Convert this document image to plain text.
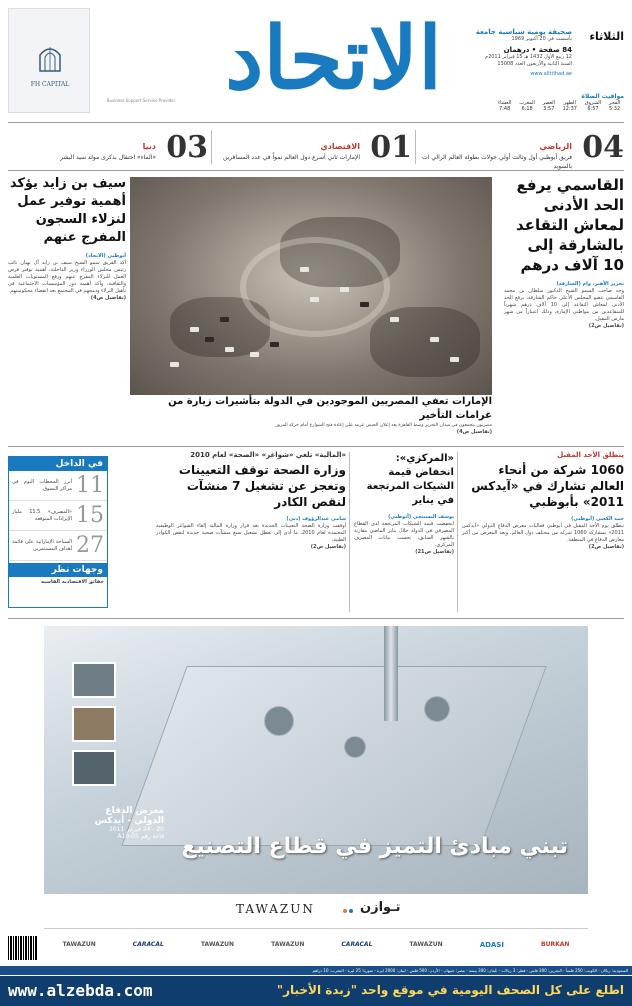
الثلاثاء
صحيفة يومية سياسية جامعة
تأسست في 20 أكتوبر 1969
84 صفحة • درهمان
12 ربيع الأول 1432 هـ 15 فبراير 2011م
السنة الثانية والأربعون العدد 13008
www.alittihad.ae
الاتحاد
FH CAPITAL
Business Support Service Provider
مواقيت الصلاة
الفجر	الشروق	الظهر	العصر	المغرب	العشاء
5:32	6:57	12:37	3:57	6:18	7:48
04
الرياضي
فريق أبوظبي أول وثالث أولي جولات بطولة العالم الرالي ات بالسويد
01
الاقتصادي
الإمارات ثاني أسرع دول العالم نمواً في عدد المسافرين
03
دنيا
«الماء» احتفال بذكرى مولد سيد البشر
القاسمي يرفع الحد الأدنى لمعاش التقاعد بالشارقة إلى 10 آلاف درهم
تحرير الأهبر، وام (الشارقة)
وجه صاحب السمو الشيخ الدكتور سلطان بن محمد القاسمي عضو المجلس الأعلى حاكم الشارقة، برفع الحد الأدنى لمعاش التقاعد إلى 10 آلاف درهم شهرياً للمتقاعدين من مواطني الإمارة، وذلك اعتباراً من شهر مارس المقبل.
(تفاصيل ص2)
الإمارات تعفي المصريين الموجودين في الدولة بتأشيرات زيارة من غرامات التأخير
مصريون يتجمعون في ميدان التحرير وسط القاهرة بعد إعلان الجيش عزمه على إعادة فتح الشوارع أمام حركة المرور
(تفاصيل ص4)
سيف بن زايد يؤكد أهمية توفير عمل لنزلاء السجون المفرج عنهم
أبوظبي (الاتحاد)
أكد الفريق سمو الشيخ سيف بن زايد آل نهيان نائب رئيس مجلس الوزراء وزير الداخلية، أهمية توفير فرص العمل للنزلاء المفرج عنهم ورفع المستويات العلمية والثقافية، وأكد أهمية دور المؤسسات الاجتماعية في تأهيل النزلاء ودمجهم في المجتمع بعد انقضاء محكوميتهم.
(تفاصيل ص4)
ينطلق الأحد المقبل
1060 شركة من أنحاء العالم تشارك في «آيدكس 2011» بأبوظبي
حمد الكعبي (أبوظبي)
تنطلق يوم الأحد المقبل في أبوظبي فعاليات معرض الدفاع الدولي «آيدكس 2011» بمشاركة 1060 شركة من مختلف دول العالم، ويعد المعرض من أكبر معارض الدفاع في المنطقة.
(تفاصيل ص2)
«المركزي»: انخفاض قيمة الشيكات المرتجعة في يناير
يوسف البستنجي (أبوظبي)
انخفضت قيمة الشيكات المرتجعة لدى القطاع المصرفي في الدولة خلال يناير الماضي مقارنة بالشهر السابق، بحسب بيانات المصرف المركزي.
(تفاصيل ص21)
«المالية» تلغي «شواغر» «الصحة» لعام 2010
وزارة الصحة توقف التعيينات وتعجز عن تشغيل 7 منشآت لنقص الكادر
سامي عبدالرؤوف (دبي)
أوقفت وزارة الصحة التعيينات الجديدة بعد قرار وزارة المالية إلغاء الشواغر الوظيفية المعتمدة لعام 2010، ما أدى إلى تعطل تشغيل سبع منشآت صحية جديدة لنقص الكوادر الطبية.
(تفاصيل ص2)
في الداخل
11
أبرز المحطات اليوم في مراكز التسوق
15
«المصرف» 11.5 مليار الإيرادات المتوقعة
27
السياحة الإماراتية على قائمة أهداف المستثمرين
وجهات نظر
حقائق الاقتصادية القاسية
معرض الدفاع
الدولي - أيدكس
20 - 24 فبراير 2011
قاعة رقم 05-A10 تبني مبادئ التميز في قطاع التصنيع
TAWAZUN	تـوازن
TAWAZUN	CARACAL	TAWAZUN	TAWAZUN	CARACAL	TAWAZUN	ADASI	BURKAN
السعودية: ريالان - الكويت: 250 فلساً - البحرين: 300 فلس - قطر: 3 ريالات - عُمان: 300 بيسة - مصر: جنيهان - الأردن: 500 فلس - لبنان: 2000 ليرة - سوريا: 25 ليرة - المغرب: 10 دراهم
اطلع على كل الصحف اليومية في موقع واحد "زبدة الأخبار"
www.alzebda.com
